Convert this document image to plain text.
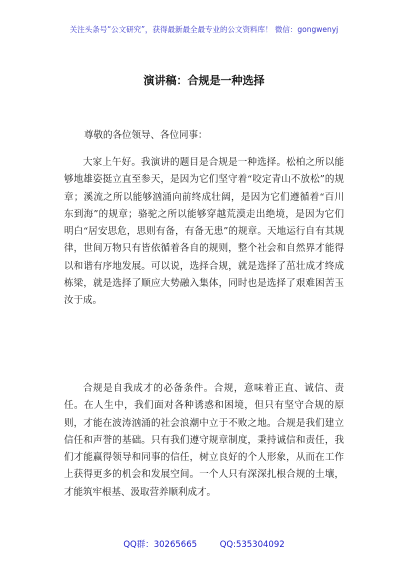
关注头条号“公文研究”，获得最新最全最专业的公文资料库！ 微信：gongwenyj
演讲稿：合规是一种选择
尊敬的各位领导、各位同事：

大家上午好。我演讲的题目是合规是一种选择。松柏之所以能够地雄姿挺立直至参天，是因为它们坚守着“咬定青山不放松”的规章；溪流之所以能够汹涌向前终成壮阔，是因为它们遵循着“百川东到海”的规章；骆驼之所以能够穿越荒漠走出绝境，是因为它们明白“居安思危，思则有备，有备无患”的规章。天地运行自有其规律，世间万物只有皆依循着各自的规则，整个社会和自然界才能得以和谐有序地发展。可以说，选择合规，就是选择了茁壮成才终成栋梁，就是选择了顺应大势融入集体，同时也是选择了艰难困苦玉汝于成。

合规是自我成才的必备条件。合规，意味着正直、诚信、责任。在人生中，我们面对各种诱惑和困境，但只有坚守合规的原则，才能在波涛汹涌的社会浪潮中立于不败之地。合规是我们建立信任和声誉的基础。只有我们遵守规章制度，秉持诚信和责任，我们才能赢得领导和同事的信任，树立良好的个人形象，从而在工作上获得更多的机会和发展空间。一个人只有深深扎根合规的土壤，才能筑牢根基、汲取营养顺利成才。

QQ群：30265665	QQ:535304092
